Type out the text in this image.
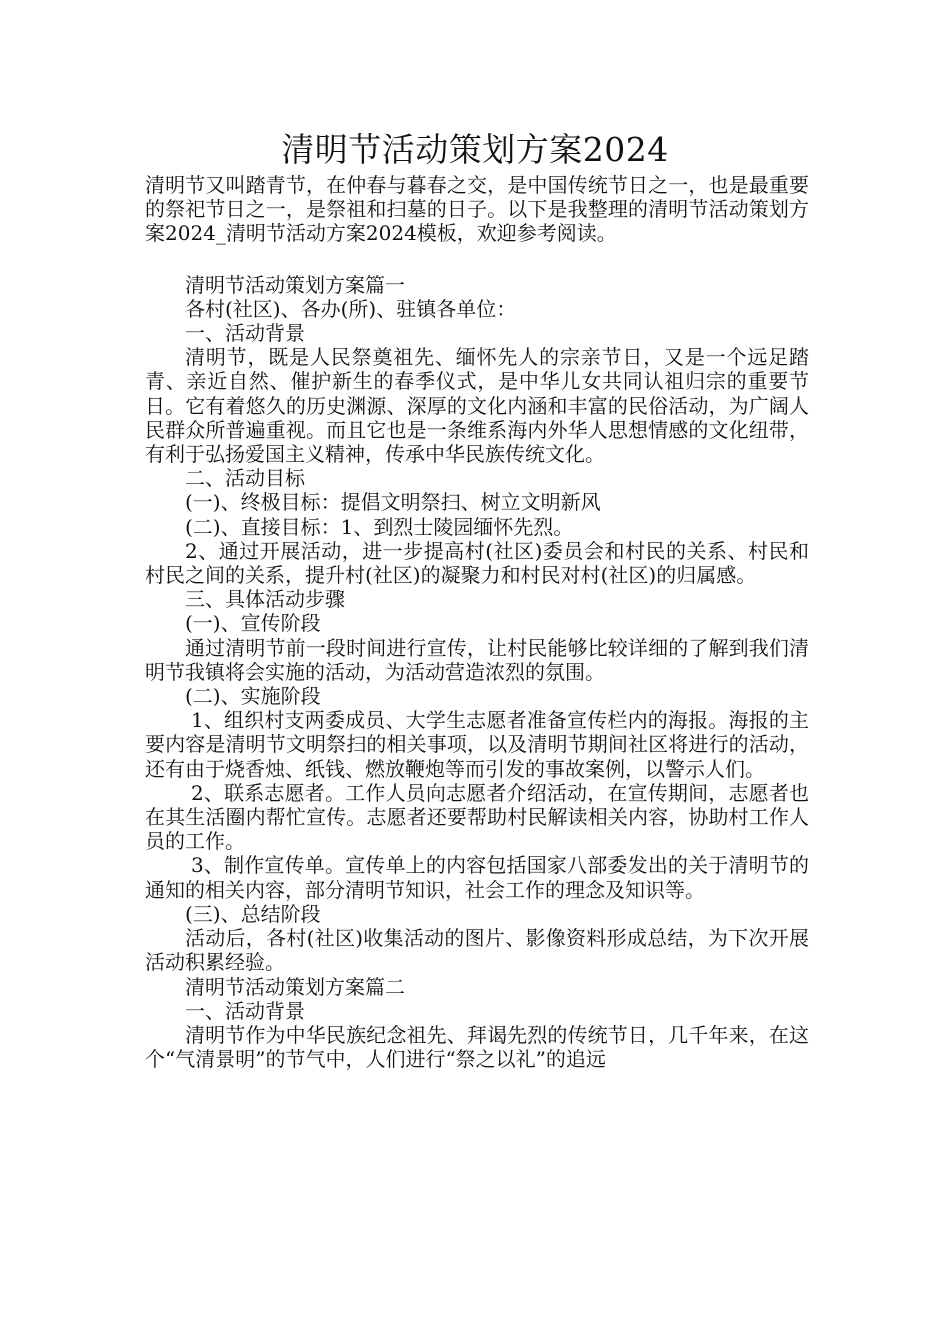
清明节活动策划方案2024

清明节又叫踏青节，在仲春与暮春之交，是中国传统节日之一，也是最重要的祭祀节日之一，是祭祖和扫墓的日子。以下是我整理的清明节活动策划方案2024_清明节活动方案2024模板，欢迎参考阅读。

清明节活动策划方案篇一

各村(社区)、各办(所)、驻镇各单位：

一、活动背景

清明节，既是人民祭奠祖先、缅怀先人的宗亲节日，又是一个远足踏青、亲近自然、催护新生的春季仪式，是中华儿女共同认祖归宗的重要节日。它有着悠久的历史渊源、深厚的文化内涵和丰富的民俗活动，为广阔人民群众所普遍重视。而且它也是一条维系海内外华人思想情感的文化纽带，有利于弘扬爱国主义精神，传承中华民族传统文化。

二、活动目标

(一)、终极目标：提倡文明祭扫、树立文明新风

(二)、直接目标：1、到烈士陵园缅怀先烈。

2、通过开展活动，进一步提高村(社区)委员会和村民的关系、村民和村民之间的关系，提升村(社区)的凝聚力和村民对村(社区)的归属感。

三、具体活动步骤

(一)、宣传阶段

通过清明节前一段时间进行宣传，让村民能够比较详细的了解到我们清明节我镇将会实施的活动，为活动营造浓烈的氛围。

(二)、实施阶段

1、组织村支两委成员、大学生志愿者准备宣传栏内的海报。海报的主要内容是清明节文明祭扫的相关事项，以及清明节期间社区将进行的活动，还有由于烧香烛、纸钱、燃放鞭炮等而引发的事故案例，以警示人们。

2、联系志愿者。工作人员向志愿者介绍活动，在宣传期间，志愿者也在其生活圈内帮忙宣传。志愿者还要帮助村民解读相关内容，协助村工作人员的工作。

3、制作宣传单。宣传单上的内容包括国家八部委发出的关于清明节的通知的相关内容，部分清明节知识，社会工作的理念及知识等。

(三)、总结阶段

活动后，各村(社区)收集活动的图片、影像资料形成总结，为下次开展活动积累经验。

清明节活动策划方案篇二

一、活动背景

清明节作为中华民族纪念祖先、拜谒先烈的传统节日，几千年来，在这个“气清景明”的节气中，人们进行“祭之以礼”的追远
